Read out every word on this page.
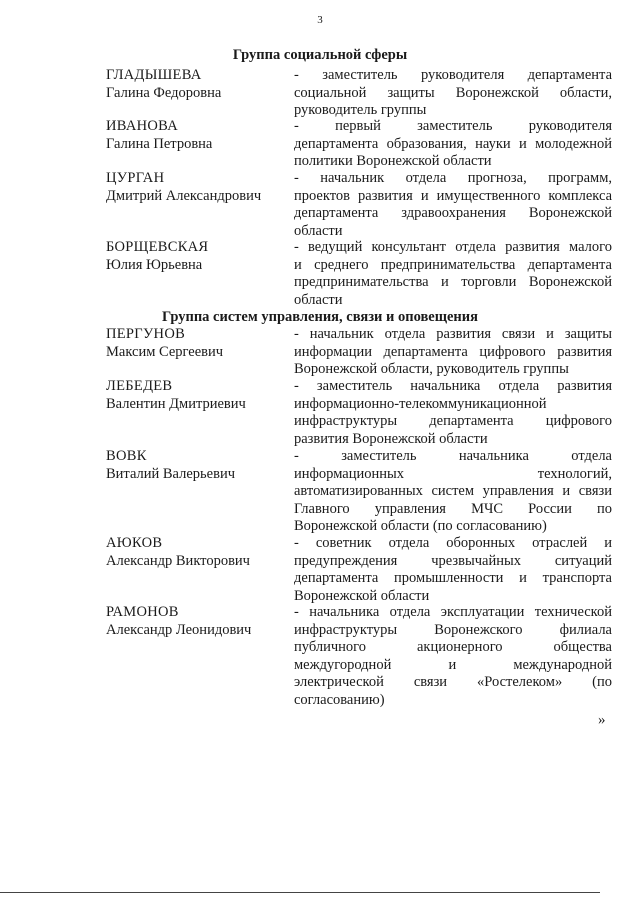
3
Группа социальной сферы
ГЛАДЫШЕВА
Галина Федоровна
- заместитель руководителя департамента
социальной защиты Воронежской области,
руководитель группы
ИВАНОВА
Галина Петровна
- первый заместитель руководителя
департамента образования, науки и молодежной
политики Воронежской области
ЦУРГАН
Дмитрий Александрович
- начальник отдела прогноза, программ,
проектов развития и имущественного комплекса
департамента здравоохранения Воронежской
области
БОРЩЕВСКАЯ
Юлия Юрьевна
- ведущий консультант отдела развития малого
и среднего предпринимательства департамента
предпринимательства и торговли Воронежской
области
Группа систем управления, связи и оповещения
ПЕРГУНОВ
Максим Сергеевич
- начальник отдела развития связи и защиты
информации департамента цифрового развития
Воронежской области, руководитель группы
ЛЕБЕДЕВ
Валентин Дмитриевич
- заместитель начальника отдела развития
информационно-телекоммуникационной
инфраструктуры департамента цифрового
развития Воронежской области
ВОВК
Виталий Валерьевич
- заместитель начальника отдела
информационных технологий,
автоматизированных систем управления и связи
Главного управления МЧС России по
Воронежской области (по согласованию)
АЮКОВ
Александр Викторович
- советник отдела оборонных отраслей и
предупреждения чрезвычайных ситуаций
департамента промышленности и транспорта
Воронежской области
РАМОНОВ
Александр Леонидович
- начальника отдела эксплуатации технической
инфраструктуры Воронежского филиала
публичного акционерного общества
междугородной и международной
электрической связи «Ростелеком» (по
согласованию)
»
